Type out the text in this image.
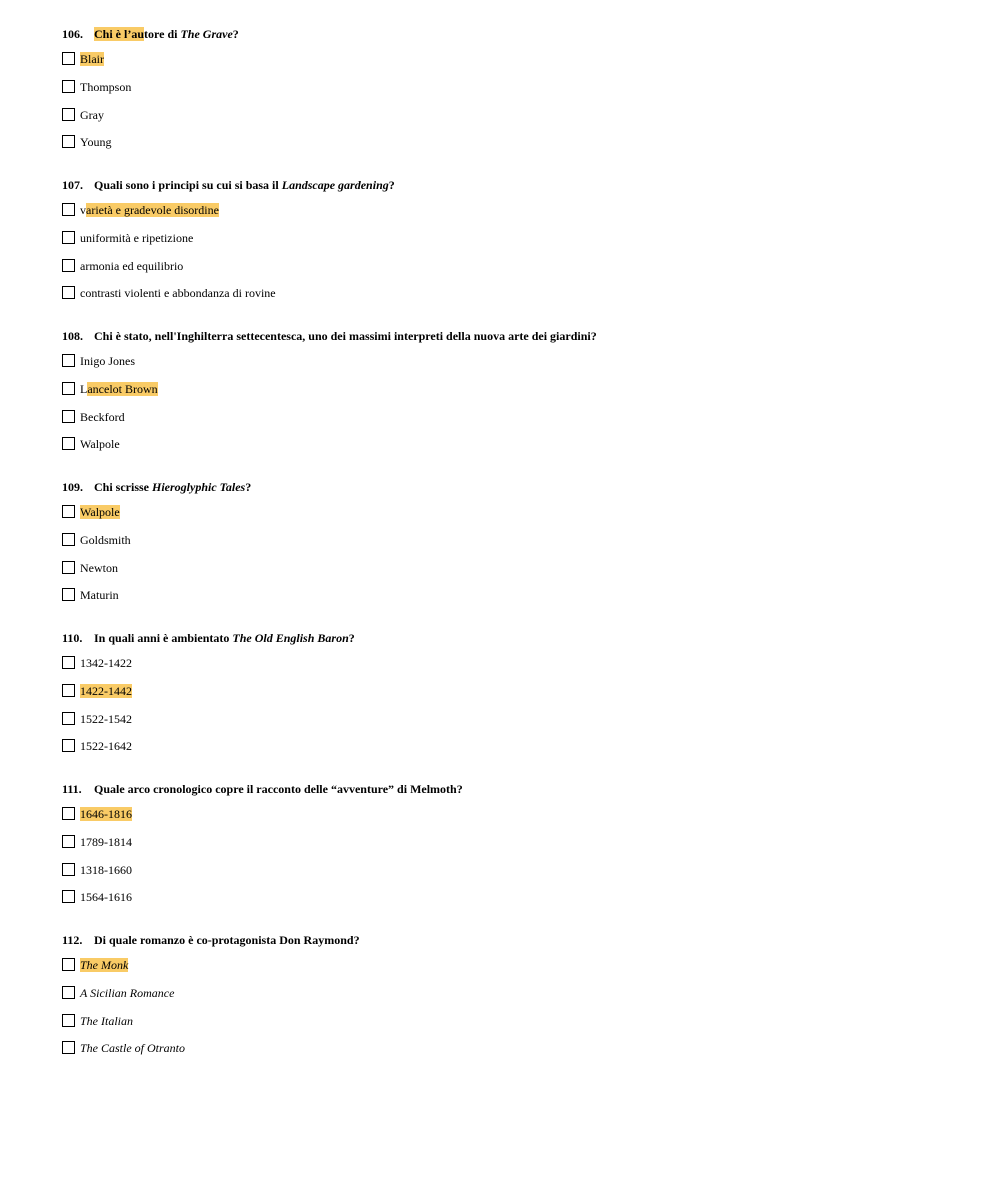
106. Chi è l’autore di The Grave?
Blair
Thompson
Gray
Young
107. Quali sono i principi su cui si basa il Landscape gardening?
varietà e gradevole disordine
uniformità e ripetizione
armonia ed equilibrio
contrasti violenti e abbondanza di rovine
108. Chi è stato, nell'Inghilterra settecentesca, uno dei massimi interpreti della nuova arte dei giardini?
Inigo Jones
Lancelot Brown
Beckford
Walpole
109. Chi scrisse Hieroglyphic Tales?
Walpole
Goldsmith
Newton
Maturin
110. In quali anni è ambientato The Old English Baron?
1342-1422
1422-1442
1522-1542
1522-1642
111. Quale arco cronologico copre il racconto delle “avventure” di Melmoth?
1646-1816
1789-1814
1318-1660
1564-1616
112. Di quale romanzo è co-protagonista Don Raymond?
The Monk
A Sicilian Romance
The Italian
The Castle of Otranto
